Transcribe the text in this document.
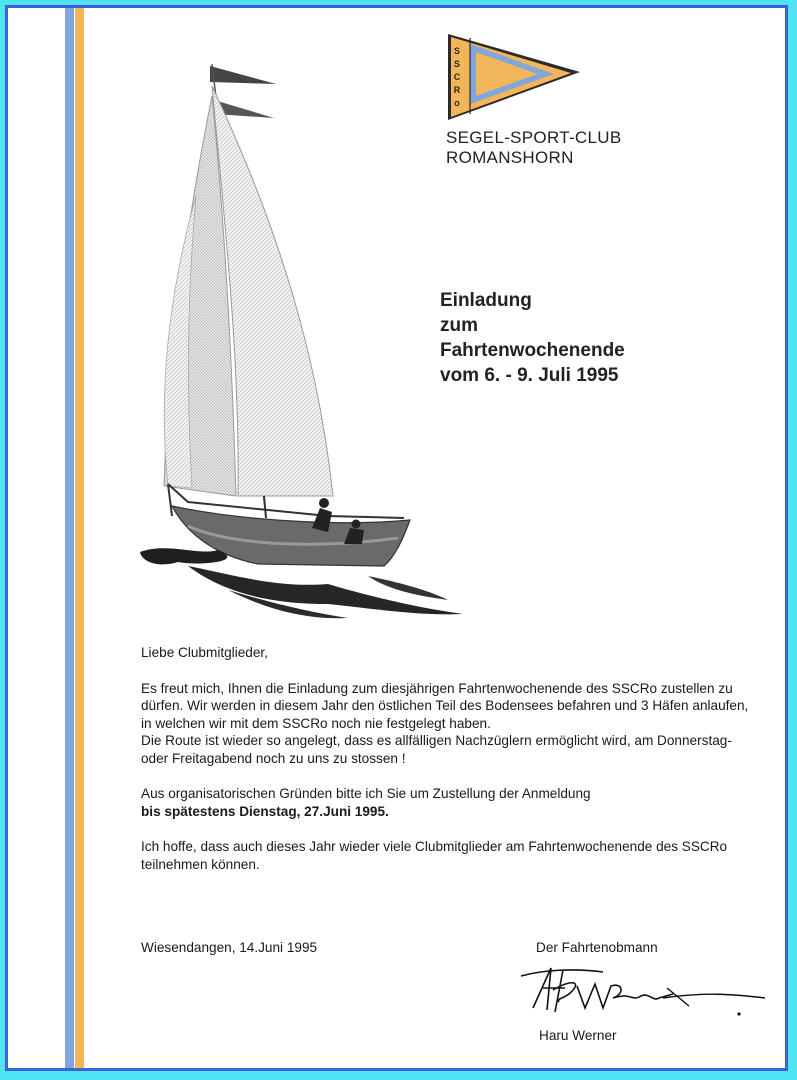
S
S
C
R
o
SEGEL-SPORT-CLUB
ROMANSHORN
Einladung
zum
Fahrtenwochenende
vom 6. - 9. Juli 1995

Liebe Clubmitglieder,

Es freut mich, Ihnen die Einladung zum diesjährigen Fahrtenwochenende des SSCRo zustellen zu dürfen. Wir werden in diesem Jahr den östlichen Teil des Bodensees befahren und 3 Häfen anlaufen, in welchen wir mit dem SSCRo noch nie festgelegt haben.

Die Route ist wieder so angelegt, dass es allfälligen Nachzüglern ermöglicht wird, am Donnerstag- oder Freitagabend noch zu uns zu stossen !

Aus organisatorischen Gründen bitte ich Sie um Zustellung der Anmeldung

bis spätestens Dienstag, 27.Juni 1995.

Ich hoffe, dass auch dieses Jahr wieder viele Clubmitglieder am Fahrtenwochenende des SSCRo teilnehmen können.

Wiesendangen, 14.Juni 1995	Der Fahrtenobmann
Haru Werner
